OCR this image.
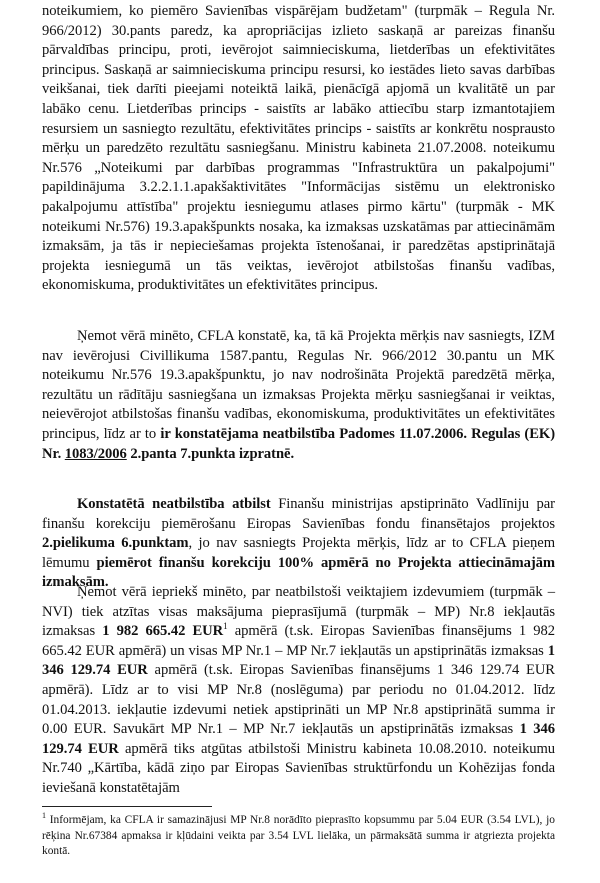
noteikumiem, ko piemēro Savienības vispārējam budžetam" (turpmāk – Regula Nr. 966/2012) 30.pants paredz, ka apropriācijas izlieto saskaņā ar pareizas finanšu pārvaldības principu, proti, ievērojot saimnieciskuma, lietderības un efektivitātes principus. Saskaņā ar saimnieciskuma principu resursi, ko iestādes lieto savas darbības veikšanai, tiek darīti pieejami noteiktā laikā, pienācīgā apjomā un kvalitātē un par labāko cenu. Lietderības princips - saistīts ar labāko attiecību starp izmantotajiem resursiem un sasniegto rezultātu, efektivitātes princips - saistīts ar konkrētu nosprausto mērķu un paredzēto rezultātu sasniegšanu. Ministru kabineta 21.07.2008. noteikumu Nr.576 „Noteikumi par darbības programmas "Infrastruktūra un pakalpojumi" papildinājuma 3.2.2.1.1.apakšaktivitātes "Informācijas sistēmu un elektronisko pakalpojumu attīstība" projektu iesniegumu atlases pirmo kārtu" (turpmāk - MK noteikumi Nr.576) 19.3.apakšpunkts nosaka, ka izmaksas uzskatāmas par attiecināmām izmaksām, ja tās ir nepieciešamas projekta īstenošanai, ir paredzētas apstiprinātajā projekta iesniegumā un tās veiktas, ievērojot atbilstošas finanšu vadības, ekonomiskuma, produktivitātes un efektivitātes principus.

Ņemot vērā minēto, CFLA konstatē, ka, tā kā Projekta mērķis nav sasniegts, IZM nav ievērojusi Civillikuma 1587.pantu, Regulas Nr. 966/2012 30.pantu un MK noteikumu Nr.576 19.3.apakšpunktu, jo nav nodrošināta Projektā paredzētā mērķa, rezultātu un rādītāju sasniegšana un izmaksas Projekta mērķu sasniegšanai ir veiktas, neievērojot atbilstošas finanšu vadības, ekonomiskuma, produktivitātes un efektivitātes principus, līdz ar to ir konstatējama neatbilstība Padomes 11.07.2006. Regulas (EK) Nr. 1083/2006 2.panta 7.punkta izpratnē.

Konstatētā neatbilstība atbilst Finanšu ministrijas apstiprināto Vadlīniju par finanšu korekciju piemērošanu Eiropas Savienības fondu finansētajos projektos 2.pielikuma 6.punktam, jo nav sasniegts Projekta mērķis, līdz ar to CFLA pieņem lēmumu piemērot finanšu korekciju 100% apmērā no Projekta attiecināmajām izmaksām.

Ņemot vērā iepriekš minēto, par neatbilstoši veiktajiem izdevumiem (turpmāk – NVI) tiek atzītas visas maksājuma pieprasījumā (turpmāk – MP) Nr.8 iekļautās izmaksas 1 982 665.42 EUR$^1$ apmērā (t.sk. Eiropas Savienības finansējums 1 982 665.42 EUR apmērā) un visas MP Nr.1 – MP Nr.7 iekļautās un apstiprinātās izmaksas 1 346 129.74 EUR apmērā (t.sk. Eiropas Savienības finansējums 1 346 129.74 EUR apmērā). Līdz ar to visi MP Nr.8 (noslēguma) par periodu no 01.04.2012. līdz 01.04.2013. iekļautie izdevumi netiek apstiprināti un MP Nr.8 apstiprinātā summa ir 0.00 EUR. Savukārt MP Nr.1 – MP Nr.7 iekļautās un apstiprinātās izmaksas 1 346 129.74 EUR apmērā tiks atgūtas atbilstoši Ministru kabineta 10.08.2010. noteikumu Nr.740 „Kārtība, kādā ziņo par Eiropas Savienības struktūrfondu un Kohēzijas fonda ieviešanā konstatētajām

$^1$ Informējam, ka CFLA ir samazinājusi MP Nr.8 norādīto pieprasīto kopsummu par 5.04 EUR (3.54 LVL), jo rēķina Nr.67384 apmaksa ir kļūdaini veikta par 3.54 LVL lielāka, un pārmaksātā summa ir atgriezta projekta kontā.
